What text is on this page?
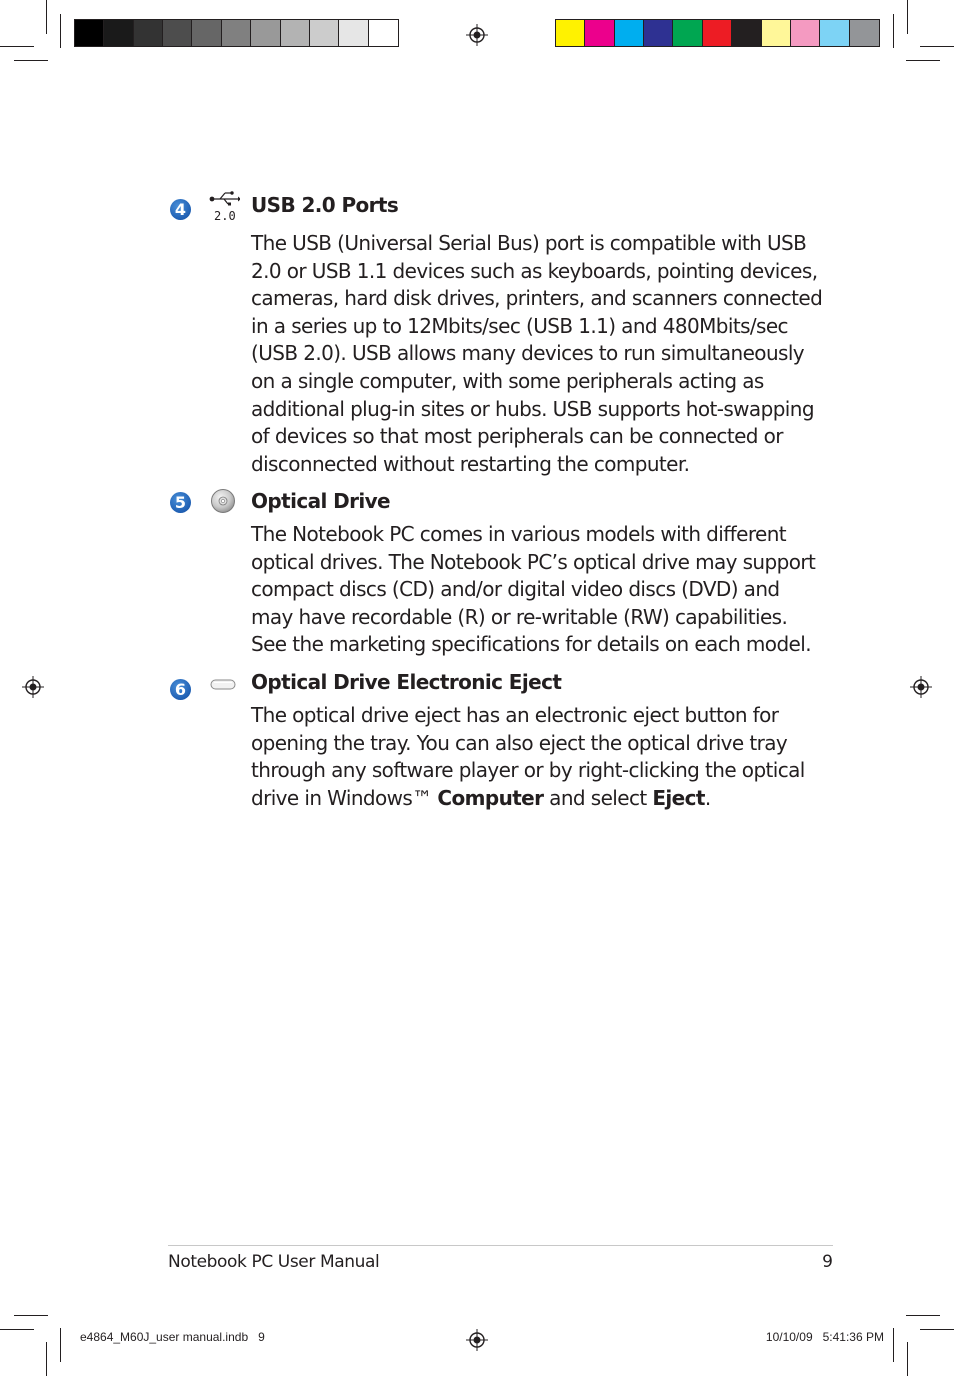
4	2.0 USB 2.0 Ports
The USB (Universal Serial Bus) port is compatible with USB
2.0 or USB 1.1 devices such as keyboards, pointing devices,
cameras, hard disk drives, printers, and scanners connected
in a series up to 12Mbits/sec (USB 1.1) and 480Mbits/sec
(USB 2.0). USB allows many devices to run simultaneously
on a single computer, with some peripherals acting as
additional plug-in sites or hubs. USB supports hot-swapping
of devices so that most peripherals can be connected or
disconnected without restarting the computer.
5	Optical Drive
The Notebook PC comes in various models with different
optical drives. The Notebook PC’s optical drive may support
compact discs (CD) and/or digital video discs (DVD) and
may have recordable (R) or re-writable (RW) capabilities.
See the marketing specifications for details on each model.
6	Optical Drive Electronic Eject
The optical drive eject has an electronic eject button for
opening the tray. You can also eject the optical drive tray
through any software player or by right-clicking the optical
drive in Windows™ Computer and select Eject.
Notebook PC User Manual	9
e4864_M60J_user manual.indb   9	10/10/09   5:41:36 PM
